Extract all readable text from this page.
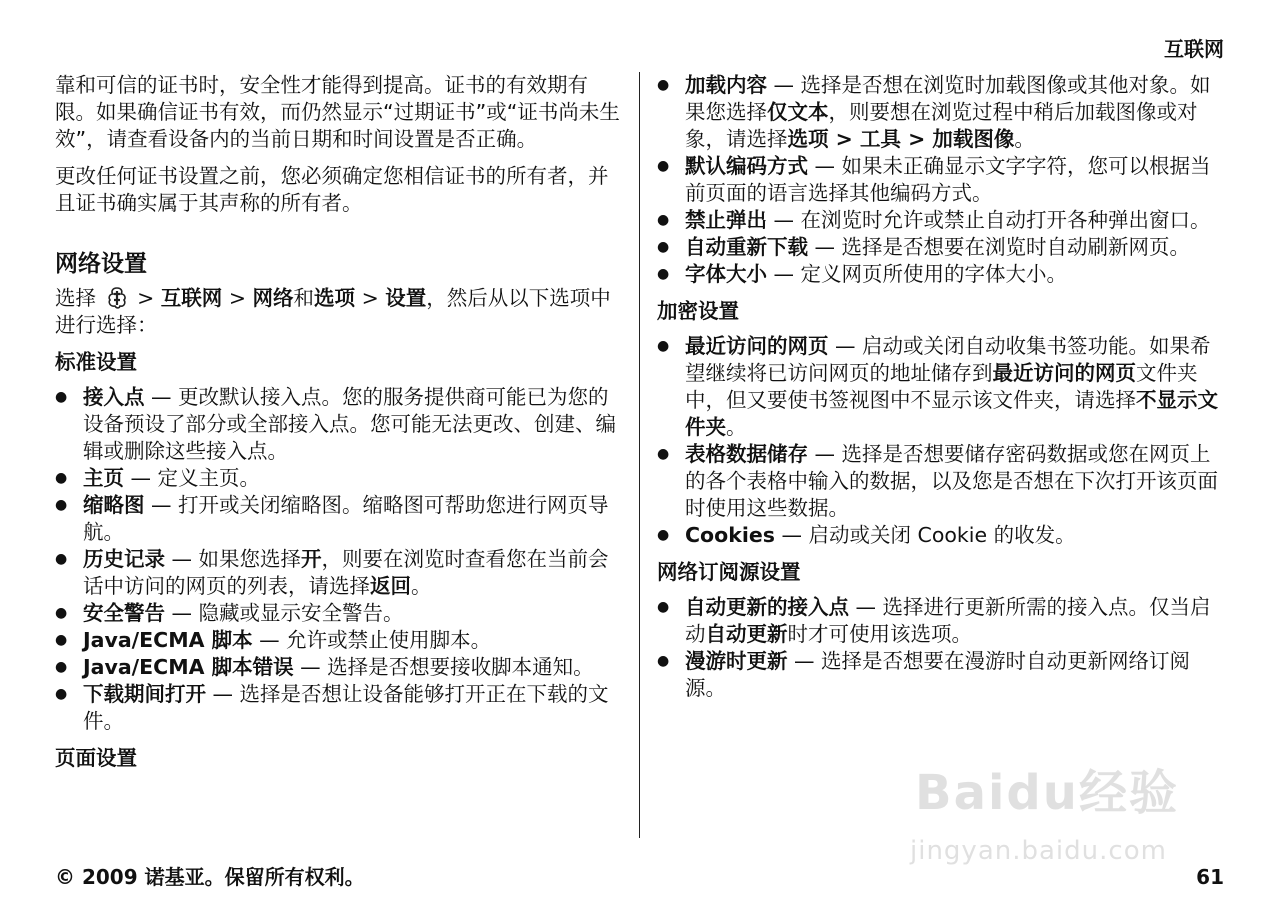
互联网

靠和可信的证书时，安全性才能得到提高。证书的有效期有限。如果确信证书有效，而仍然显示“过期证书”或“证书尚未生效”，请查看设备内的当前日期和时间设置是否正确。

更改任何证书设置之前，您必须确定您相信证书的所有者，并且证书确实属于其声称的所有者。

网络设置

选择 > 互联网 > 网络和选项 > 设置，然后从以下选项中进行选择：

标准设置
● 接入点 — 更改默认接入点。您的服务提供商可能已为您的设备预设了部分或全部接入点。您可能无法更改、创建、编辑或删除这些接入点。
● 主页 — 定义主页。
● 缩略图 — 打开或关闭缩略图。缩略图可帮助您进行网页导航。
● 历史记录 — 如果您选择开，则要在浏览时查看您在当前会话中访问的网页的列表，请选择返回。
● 安全警告 — 隐藏或显示安全警告。
● Java/ECMA 脚本 — 允许或禁止使用脚本。
● Java/ECMA 脚本错误 — 选择是否想要接收脚本通知。
● 下载期间打开 — 选择是否想让设备能够打开正在下载的文件。
页面设置
● 加载内容 — 选择是否想在浏览时加载图像或其他对象。如果您选择仅文本，则要想在浏览过程中稍后加载图像或对象，请选择选项 > 工具 > 加载图像。
● 默认编码方式 — 如果未正确显示文字字符，您可以根据当前页面的语言选择其他编码方式。
● 禁止弹出 — 在浏览时允许或禁止自动打开各种弹出窗口。
● 自动重新下载 — 选择是否想要在浏览时自动刷新网页。
● 字体大小 — 定义网页所使用的字体大小。
加密设置
● 最近访问的网页 — 启动或关闭自动收集书签功能。如果希望继续将已访问网页的地址储存到最近访问的网页文件夹中，但又要使书签视图中不显示该文件夹，请选择不显示文件夹。
● 表格数据储存 — 选择是否想要储存密码数据或您在网页上的各个表格中输入的数据，以及您是否想在下次打开该页面时使用这些数据。
● Cookies — 启动或关闭 Cookie 的收发。
网络订阅源设置
● 自动更新的接入点 — 选择进行更新所需的接入点。仅当启动自动更新时才可使用该选项。
● 漫游时更新 — 选择是否想要在漫游时自动更新网络订阅源。
Baidu经验
jingyan.baidu.com
© 2009 诺基亚。保留所有权利。	61
